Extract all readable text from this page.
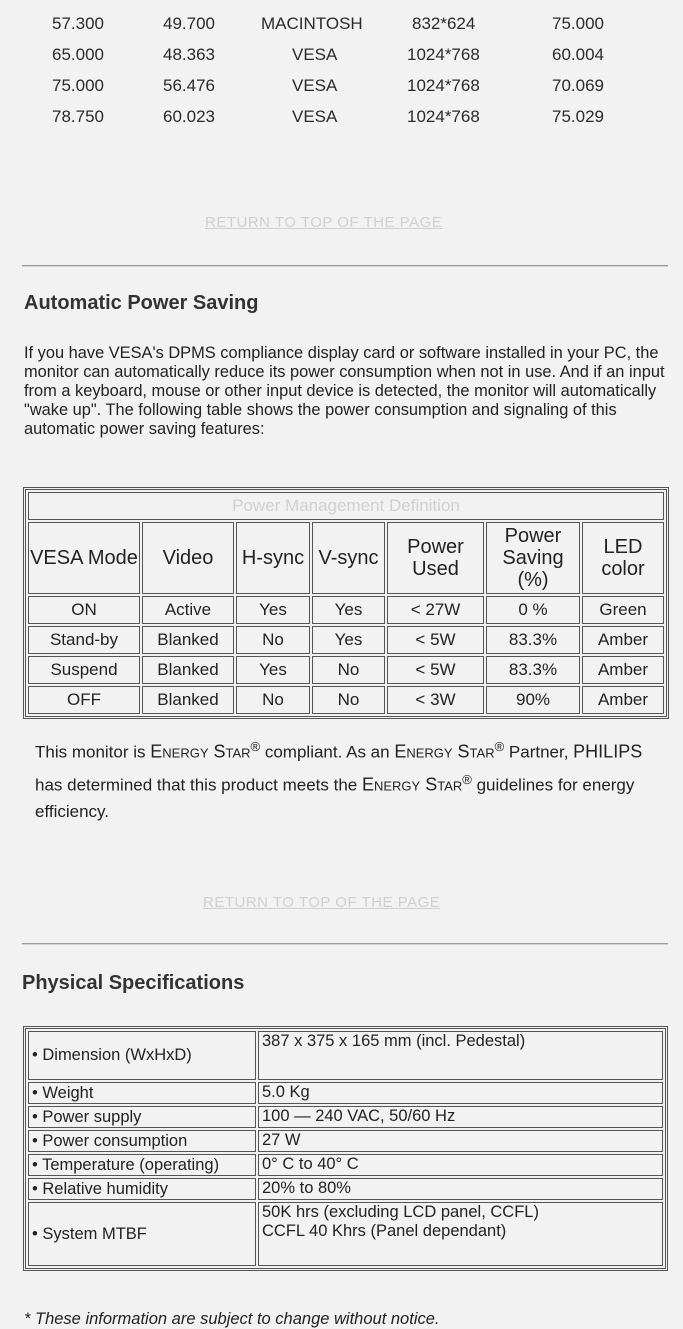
57.300	49.700	MACINTOSH	832*624	75.000
65.000	48.363	VESA	1024*768	60.004
75.000	56.476	VESA	1024*768	70.069
78.750	60.023	VESA	1024*768	75.029
RETURN TO TOP OF THE PAGE
Automatic Power Saving

If you have VESA's DPMS compliance display card or software installed in your PC, the monitor can automatically reduce its power consumption when not in use. And if an input from a keyboard, mouse or other input device is detected, the monitor will automatically "wake up". The following table shows the power consumption and signaling of this automatic power saving features:

Power Management Definition						
VESA Mode	Video	H-sync	V-sync	Power Used	Power Saving (%)	LED color
ON	Active	Yes	Yes	< 27W	0 %	Green
Stand-by	Blanked	No	Yes	< 5W	83.3%	Amber
Suspend	Blanked	Yes	No	< 5W	83.3%	Amber
OFF	Blanked	No	No	< 3W	90%	Amber

This monitor is Energy Star® compliant. As an Energy Star® Partner, PHILIPS has determined that this product meets the Energy Star® guidelines for energy efficiency.

RETURN TO TOP OF THE PAGE
Physical Specifications
• Dimension (WxHxD)	387 x 375 x 165 mm (incl. Pedestal)
• Weight	5.0 Kg
• Power supply	100 — 240 VAC, 50/60 Hz
• Power consumption	27 W
• Temperature (operating)	0° C to 40° C
• Relative humidity	20% to 80%
• System MTBF	50K hrs (excluding LCD panel, CCFL)
CCFL 40 Khrs (Panel dependant)
* These information are subject to change without notice.
